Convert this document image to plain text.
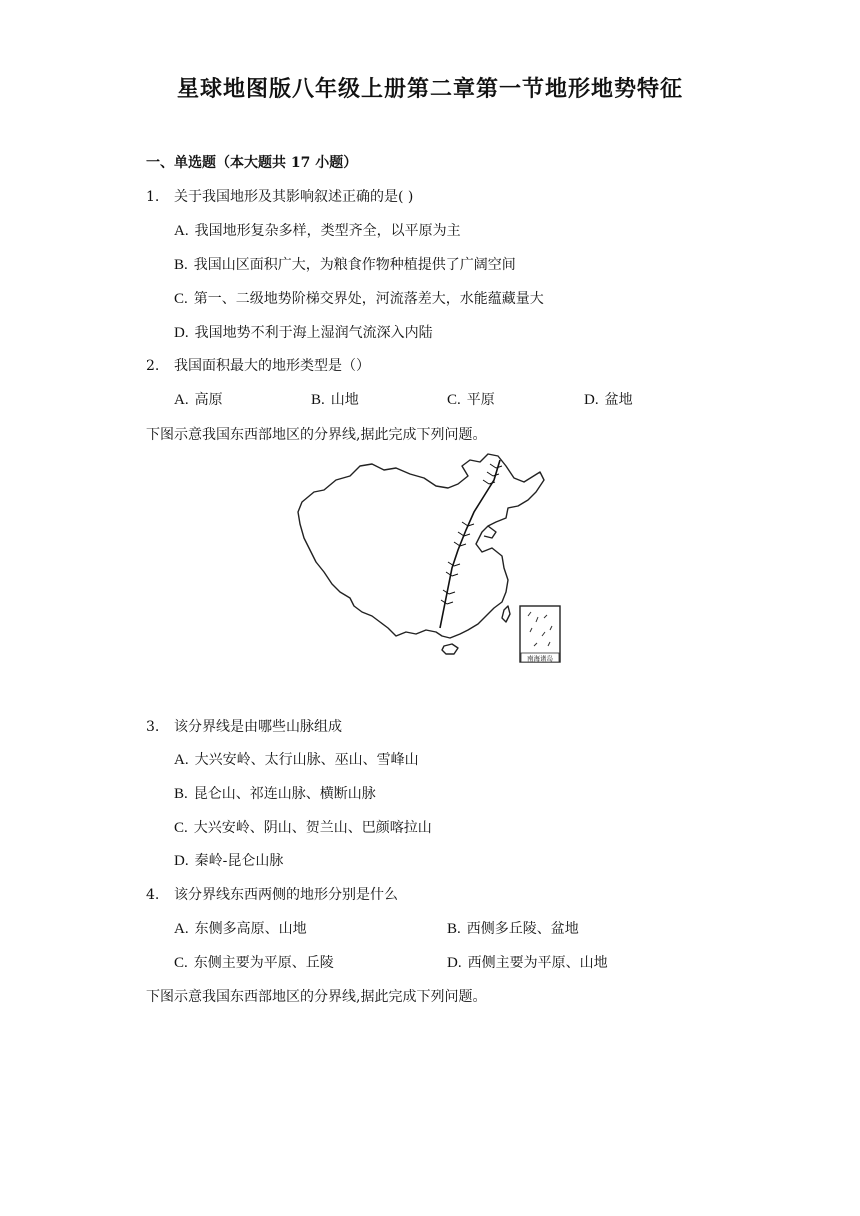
星球地图版八年级上册第二章第一节地形地势特征
一、单选题（本大题共 17 小题）
1. 关于我国地形及其影响叙述正确的是( )
A. 我国地形复杂多样，类型齐全，以平原为主
B. 我国山区面积广大，为粮食作物种植提供了广阔空间
C. 第一、二级地势阶梯交界处，河流落差大，水能蕴藏量大
D. 我国地势不利于海上湿润气流深入内陆
2. 我国面积最大的地形类型是（）
A. 高原	B. 山地	C. 平原	D. 盆地
下图示意我国东西部地区的分界线,据此完成下列问题。
南海诸岛
3. 该分界线是由哪些山脉组成
A. 大兴安岭、太行山脉、巫山、雪峰山
B. 昆仑山、祁连山脉、横断山脉
C. 大兴安岭、阴山、贺兰山、巴颜喀拉山
D. 秦岭-昆仑山脉
4. 该分界线东西两侧的地形分别是什么
A. 东侧多高原、山地	B. 西侧多丘陵、盆地
C. 东侧主要为平原、丘陵	D. 西侧主要为平原、山地
下图示意我国东西部地区的分界线,据此完成下列问题。
